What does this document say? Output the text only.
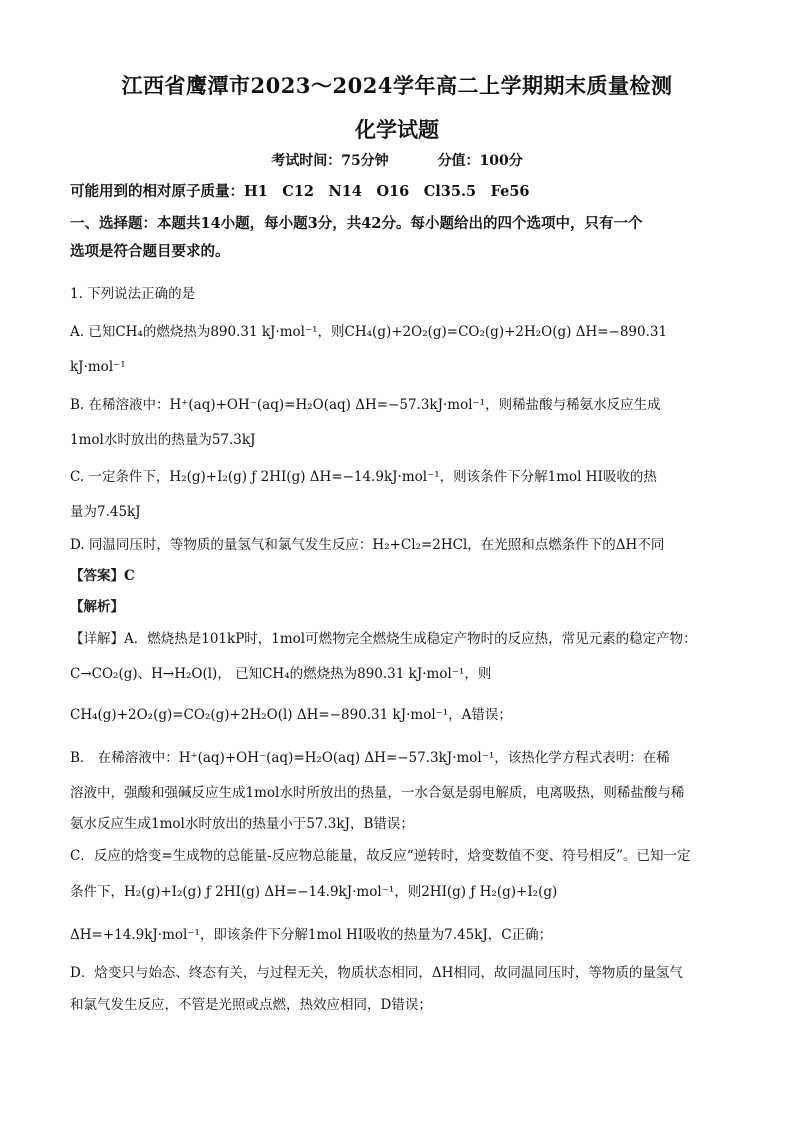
江西省鹰潭市2023～2024学年高二上学期期末质量检测
化学试题
考试时间：75分钟	分值：100分
可能用到的相对原子质量：H1　C12　N14　O16　Cl35.5　Fe56
一、选择题：本题共14小题，每小题3分，共42分。每小题给出的四个选项中，只有一个
选项是符合题目要求的。
1. 下列说法正确的是
A. 已知CH₄的燃烧热为890.31 kJ·mol⁻¹，则CH₄(g)+2O₂(g)=CO₂(g)+2H₂O(g) ΔH=−890.31
kJ·mol⁻¹
B. 在稀溶液中：H⁺(aq)+OH⁻(aq)=H₂O(aq) ΔH=−57.3kJ·mol⁻¹，则稀盐酸与稀氨水反应生成
1mol水时放出的热量为57.3kJ
C. 一定条件下，H₂(g)+I₂(g) ƒ 2HI(g) ΔH=−14.9kJ·mol⁻¹，则该条件下分解1mol HI吸收的热
量为7.45kJ
D. 同温同压时，等物质的量氢气和氯气发生反应：H₂+Cl₂=2HCl，在光照和点燃条件下的ΔH不同
【答案】C
【解析】
【详解】A．燃烧热是101kP时，1mol可燃物完全燃烧生成稳定产物时的反应热，常见元素的稳定产物：
C→CO₂(g)、H→H₂O(l)， 已知CH₄的燃烧热为890.31 kJ·mol⁻¹，则
CH₄(g)+2O₂(g)=CO₂(g)+2H₂O(l) ΔH=−890.31 kJ·mol⁻¹，A错误；
B． 在稀溶液中：H⁺(aq)+OH⁻(aq)=H₂O(aq) ΔH=−57.3kJ·mol⁻¹，该热化学方程式表明：在稀
溶液中，强酸和强碱反应生成1mol水时所放出的热量，一水合氨是弱电解质，电离吸热，则稀盐酸与稀
氨水反应生成1mol水时放出的热量小于57.3kJ，B错误；
C．反应的焓变=生成物的总能量-反应物总能量，故反应“逆转时，焓变数值不变、符号相反”。已知一定
条件下，H₂(g)+I₂(g) ƒ 2HI(g) ΔH=−14.9kJ·mol⁻¹，则2HI(g) ƒ H₂(g)+I₂(g)
ΔH=+14.9kJ·mol⁻¹，即该条件下分解1mol HI吸收的热量为7.45kJ，C正确；
D．焓变只与始态、终态有关，与过程无关，物质状态相同，ΔH相同，故同温同压时，等物质的量氢气
和氯气发生反应，不管是光照或点燃，热效应相同，D错误；
